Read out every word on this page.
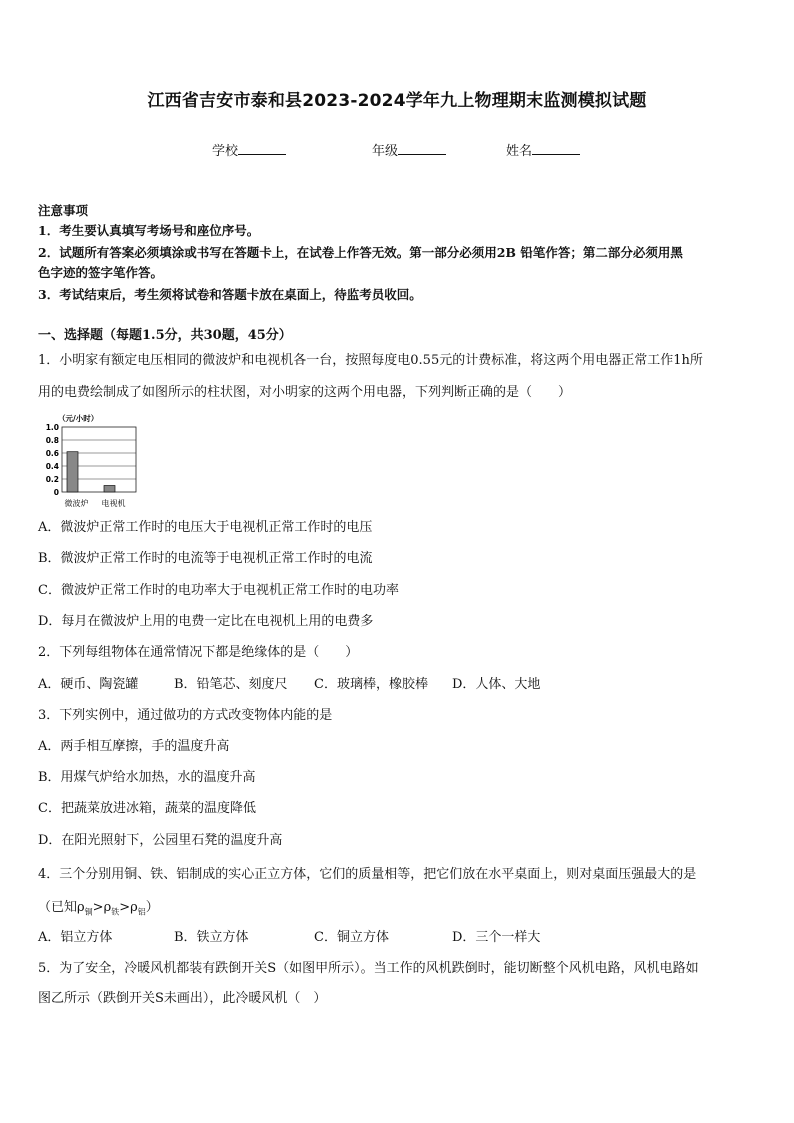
江西省吉安市泰和县2023-2024学年九上物理期末监测模拟试题
学校	年级	姓名
注意事项
1．考生要认真填写考场号和座位序号。
2．试题所有答案必须填涂或书写在答题卡上，在试卷上作答无效。第一部分必须用2B 铅笔作答；第二部分必须用黑
色字迹的签字笔作答。
3．考试结束后，考生须将试卷和答题卡放在桌面上，待监考员收回。
一、选择题（每题1.5分，共30题，45分）
1．小明家有额定电压相同的微波炉和电视机各一台，按照每度电0.55元的计费标准，将这两个用电器正常工作1h所
用的电费绘制成了如图所示的柱状图，对小明家的这两个用电器，下列判断正确的是（　　）
（元/小时）
0
0.2
0.4
0.6
0.8
1.0
微波炉 电视机
A．微波炉正常工作时的电压大于电视机正常工作时的电压
B．微波炉正常工作时的电流等于电视机正常工作时的电流
C．微波炉正常工作时的电功率大于电视机正常工作时的电功率
D．每月在微波炉上用的电费一定比在电视机上用的电费多
2．下列每组物体在通常情况下都是绝缘体的是（　　）
A．硬币、陶瓷罐	B．铅笔芯、刻度尺 C．玻璃棒，橡胶棒 D．人体、大地
3．下列实例中，通过做功的方式改变物体内能的是
A．两手相互摩擦，手的温度升高
B．用煤气炉给水加热，水的温度升高
C．把蔬菜放进冰箱，蔬菜的温度降低
D．在阳光照射下，公园里石凳的温度升高
4．三个分别用铜、铁、铝制成的实心正立方体，它们的质量相等，把它们放在水平桌面上，则对桌面压强最大的是
（已知$\rho_铜>\rho_铁>\rho_铝$）
A．铝立方体	B．铁立方体	C．铜立方体	D．三个一样大
5．为了安全，冷暖风机都装有跌倒开关S（如图甲所示）。当工作的风机跌倒时，能切断整个风机电路，风机电路如
图乙所示（跌倒开关S未画出），此冷暖风机（　）
